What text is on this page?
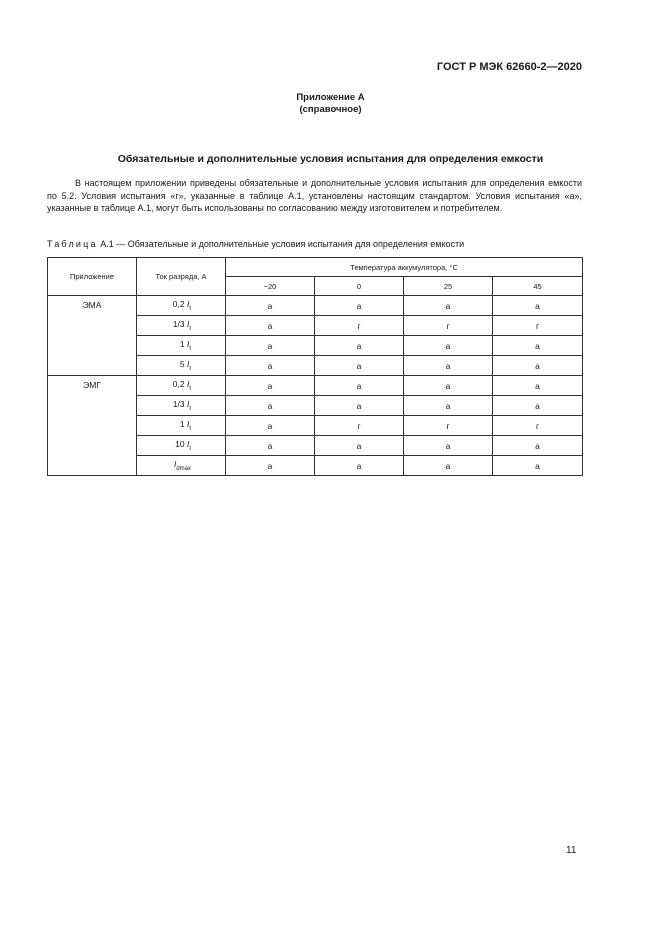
ГОСТ Р МЭК 62660-2—2020
Приложение А
(справочное)
Обязательные и дополнительные условия испытания для определения емкости

В настоящем приложении приведены обязательные и дополнительные условия испытания для определения емкости по 5.2. Условия испытания «г», указанные в таблице А.1, установлены настоящим стандартом. Условия испытания «а», указанные в таблице А.1, могут быть использованы по согласованию между изготовителем и потребителем.

Таблица А.1 — Обязательные и дополнительные условия испытания для определения емкости
Приложение	Ток разряда, А	Температура аккумулятора, °С			
		−20	0	25	45
ЭМА	0,2 $I_t$	а	а	а	а
	1/3 $I_t$	а	г	г	г
	1 $I_t$	а	а	а	а
	5 $I_t$	а	а	а	а
ЭМГ	0,2 $I_t$	а	а	а	а
	1/3 $I_t$	а	а	а	а
	1 $I_t$	а	г	г	г
	10 $I_t$	а	а	а	а
	$I_{dmax}$	а	а	а	а
11
